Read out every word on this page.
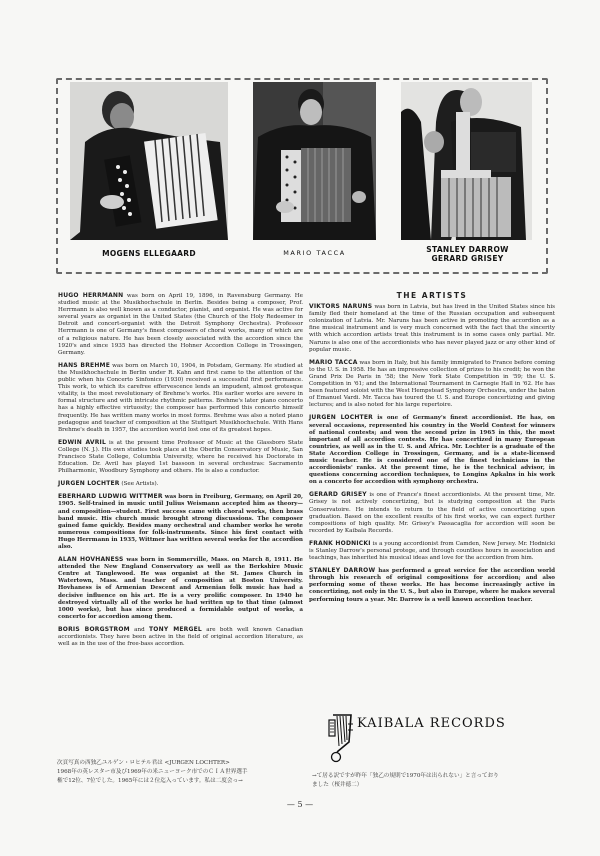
MOGENS ELLEGAARD	MARIO TACCA	STANLEY DARROW
GERARD GRISEY

HUGO HERRMANN was born on April 19, 1896, in Ravensburg Germany. He studied music at the Musikhochschule in Berlin. Besides being a composer, Prof. Herrmann is also well known as a conductor, pianist, and organist. He was active for several years as organist in the United States (the Church of the Holy Redeemer in Detroit and concert-organist with the Detroit Symphony Orchestra). Professor Herrmann is one of Germany's finest composers of choral works, many of which are of a religious nature. He has been closely associated with the accordion since the 1920's and since 1935 has directed the Hohner Accordion College in Trossingen, Germany.

HANS BREHME was born on March 10, 1904, in Potsdam, Germany. He studied at the Musikhochschule in Berlin under R. Kahn and first came to the attention of the public when his Concerto Sinfonico (1930) received a successful first performance. This work, to which its carefree effervescence lends an impudent, almost grotesque vitality, is the most revolutionary of Brehme's works. His earlier works are severe in formal structure and with intricate rhythmic patterns. Brehme's later piano concerto has a highly effective virtuosity; the composer has performed this concerto himself frequently. He has written many works in most forms. Brehme was also a noted piano pedagogue and teacher of composition at the Stuttgart Musikhochschule. With Hans Brehme's death in 1957, the accordion world lost one of its greatest hopes.

EDWIN AVRIL is at the present time Professor of Music at the Glassboro State College (N. J.). His own studies took place at the Oberlin Conservatory of Music, San Francisco State College, Columbia University, where he received his Doctorate in Education. Dr. Avril has played 1st bassoon in several orchestras: Sacramento Philharmonic, Woodbury Symphony and others. He is also a conductor.

JURGEN LOCHTER (See Artists).

EBERHARD LUDWIG WITTMER was born in Freiburg, Germany, on April 20, 1905. Self-trained in music until Julius Weismann accepted him as theory— and composition—student. First success came with choral works, then brass band music. His church music brought strong discussions. The composer gained fame quickly. Besides many orchestral and chamber works he wrote numerous compositions for folk-instruments. Since his first contact with Hugo Herrmann in 1935, Wittmer has written several works for the accordion also.

ALAN HOVHANESS was born in Sommerville, Mass. on March 8, 1911. He attended the New England Conservatory as well as the Berkshire Music Centre at Tanglewood. He was organist at the St. James Church in Watertown, Mass. and teacher of composition at Boston University. Hovhaness is of Armenian Descent and Armenian folk music has had a decisive influence on his art. He is a very prolific composer. In 1940 he destroyed virtually all of the works he had written up to that time (almost 1000 works), but has since produced a formidable output of works, a concerto for accordion among them.

BORIS BORGSTROM and TONY MERGEL are both well known Canadian accordionists. They have been active in the field of original accordion literature, as well as in the use of the free-bass accordion.

THE ARTISTS

VIKTORS NARUNS was born in Latvia, but has lived in the United States since his family fled their homeland at the time of the Russian occupation and subsequent colonization of Latvia. Mr. Naruns has been active in promoting the accordion as a fine musical instrument and is very much concerned with the fact that the sincerity with which accordion artists treat this instrument is in some cases only partial. Mr. Naruns is also one of the accordionists who has never played jazz or any other kind of popular music.

MARIO TACCA was born in Italy, but his family immigrated to France before coming to the U. S. in 1958. He has an impressive collection of prizes to his credit; he won the Grand Prix De Paris in '58; the New York State Competition in '59; the U. S. Competition in '61; and the International Tournament in Carnegie Hall in '62. He has been featured soloist with the West Hempstead Symphony Orchestra, under the baton of Emanuel Vardi. Mr. Tacca has toured the U. S. and Europe concertizing and giving lectures; and is also noted for his large repertoire.

JURGEN LOCHTER is one of Germany's finest accordionist. He has, on several occasions, represented his country in the World Contest for winners of national contests; and won the second prize in 1965 in this, the most important of all accordion contests. He has concertized in many European countries, as well as in the U. S. and Africa. Mr. Lochter is a graduate of the State Accordion College in Trossingen, Germany, and is a state-licensed music teacher. He is considered one of the finest technicians in the accordionists' ranks. At the present time, he is the technical advisor, in questions concerning accordion techniques, to Longins Apkalns in his work on a concerto for accordion with symphony orchestra.

GERARD GRISEY is one of France's finest accordionists. At the present time, Mr. Grisey is not actively concertizing, but is studying composition at the Paris Conservatoire. He intends to return to the field of active concertizing upon graduation. Based on the excellent results of his first works, we can expect further compositions of high quality. Mr. Grisey's Passacaglia for accordion will soon be recorded by Kaibala Records.

FRANK HODNICKI is a young accordionist from Camden, New Jersey. Mr. Hodnicki is Stanley Darrow's personal protege, and through countless hours in association and teachings, has inherited his musical ideas and love for the accordion from him.

STANLEY DARROW has performed a great service for the accordion world through his research of original compositions for accordion; and also performing some of these works. He has become increasingly active in concertizing, not only in the U. S., but also in Europe, where he makes several performing tours a year. Mr. Darrow is a well known accordion teacher.

KAIBALA RECORDS
次頁写真の西独乙ユルゲン・ロヒテル君は <JURGEN LOCHTER>
1968年の英レスター市及び1969年の米ニューヨーク市でのＣＩＡ世界選手
権で12位、7位でした。1965年には２位迄入っています。私は二度会っ→
→て居る訳ですが昨年「独乙の規則で1970年は出られない」と言っており
ました（桜井徳二）
— 5 —
